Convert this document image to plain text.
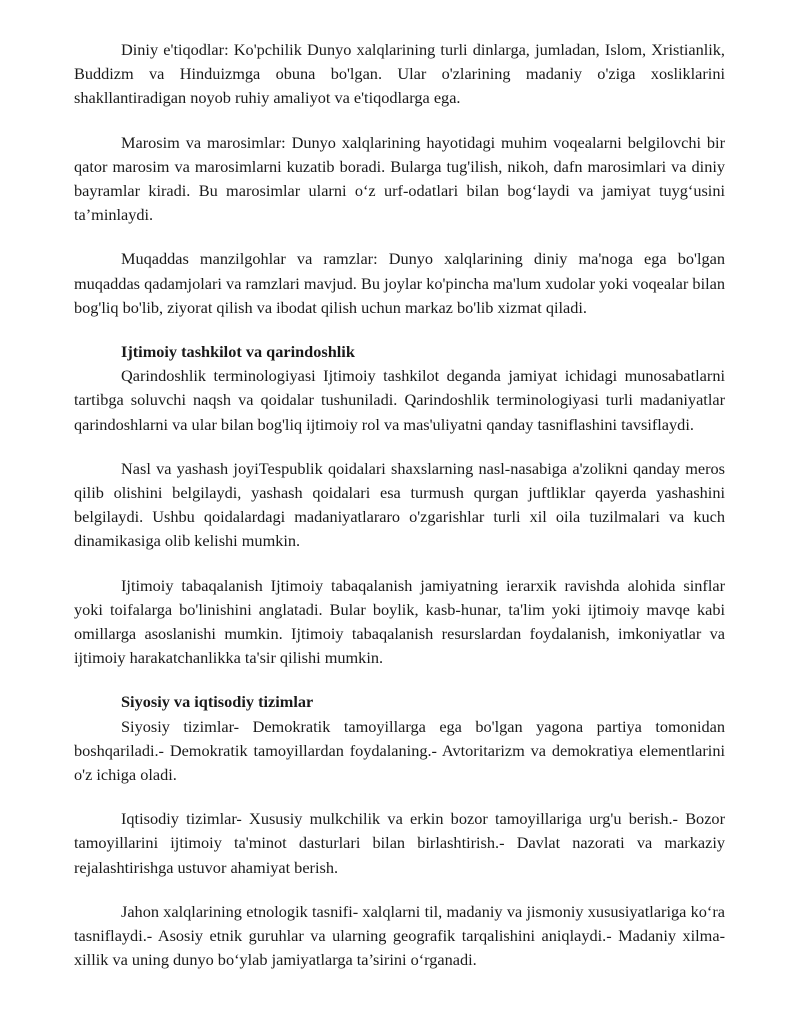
Diniy e'tiqodlar: Ko'pchilik Dunyo xalqlarining turli dinlarga, jumladan, Islom, Xristianlik, Buddizm va Hinduizmga obuna bo'lgan. Ular o'zlarining madaniy o'ziga xosliklarini shakllantiradigan noyob ruhiy amaliyot va e'tiqodlarga ega.

Marosim va marosimlar: Dunyo xalqlarining hayotidagi muhim voqealarni belgilovchi bir qator marosim va marosimlarni kuzatib boradi. Bularga tug'ilish, nikoh, dafn marosimlari va diniy bayramlar kiradi. Bu marosimlar ularni o‘z urf-odatlari bilan bog‘laydi va jamiyat tuyg‘usini ta’minlaydi.

Muqaddas manzilgohlar va ramzlar: Dunyo xalqlarining diniy ma'noga ega bo'lgan muqaddas qadamjolari va ramzlari mavjud. Bu joylar ko'pincha ma'lum xudolar yoki voqealar bilan bog'liq bo'lib, ziyorat qilish va ibodat qilish uchun markaz bo'lib xizmat qiladi.

Ijtimoiy tashkilot va qarindoshlik

Qarindoshlik terminologiyasi Ijtimoiy tashkilot deganda jamiyat ichidagi munosabatlarni tartibga soluvchi naqsh va qoidalar tushuniladi. Qarindoshlik terminologiyasi turli madaniyatlar qarindoshlarni va ular bilan bog'liq ijtimoiy rol va mas'uliyatni qanday tasniflashini tavsiflaydi.

Nasl va yashash joyiTespublik qoidalari shaxslarning nasl-nasabiga a'zolikni qanday meros qilib olishini belgilaydi, yashash qoidalari esa turmush qurgan juftliklar qayerda yashashini belgilaydi. Ushbu qoidalardagi madaniyatlararo o'zgarishlar turli xil oila tuzilmalari va kuch dinamikasiga olib kelishi mumkin.

Ijtimoiy tabaqalanish Ijtimoiy tabaqalanish jamiyatning ierarxik ravishda alohida sinflar yoki toifalarga bo'linishini anglatadi. Bular boylik, kasb-hunar, ta'lim yoki ijtimoiy mavqe kabi omillarga asoslanishi mumkin. Ijtimoiy tabaqalanish resurslardan foydalanish, imkoniyatlar va ijtimoiy harakatchanlikka ta'sir qilishi mumkin.

Siyosiy va iqtisodiy tizimlar

Siyosiy tizimlar- Demokratik tamoyillarga ega bo'lgan yagona partiya tomonidan boshqariladi.- Demokratik tamoyillardan foydalaning.- Avtoritarizm va demokratiya elementlarini o'z ichiga oladi.

Iqtisodiy tizimlar- Xususiy mulkchilik va erkin bozor tamoyillariga urg'u berish.- Bozor tamoyillarini ijtimoiy ta'minot dasturlari bilan birlashtirish.- Davlat nazorati va markaziy rejalashtirishga ustuvor ahamiyat berish.

Jahon xalqlarining etnologik tasnifi- xalqlarni til, madaniy va jismoniy xususiyatlariga ko‘ra tasniflaydi.- Asosiy etnik guruhlar va ularning geografik tarqalishini aniqlaydi.- Madaniy xilma-xillik va uning dunyo bo‘ylab jamiyatlarga ta’sirini o‘rganadi.
